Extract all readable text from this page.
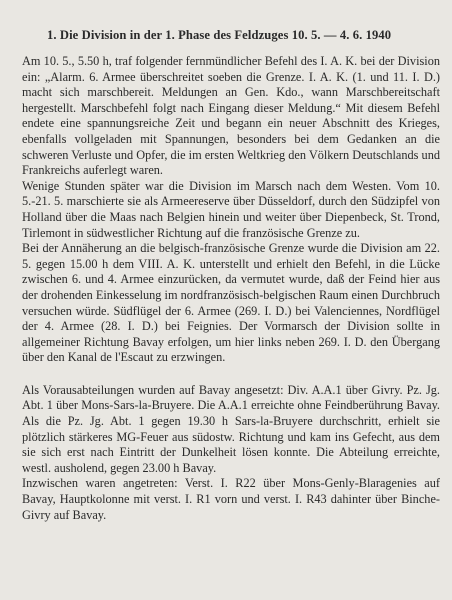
1. Die Division in der 1. Phase des Feldzuges 10. 5. — 4. 6. 1940

Am 10. 5., 5.50 h, traf folgender fernmündlicher Befehl des I. A. K. bei der Division ein: „Alarm. 6. Armee überschreitet soeben die Grenze. I. A. K. (1. und 11. I. D.) macht sich marschbereit. Meldungen an Gen. Kdo., wann Marschbereitschaft hergestellt. Marschbefehl folgt nach Eingang dieser Meldung.“ Mit diesem Befehl endete eine spannungsreiche Zeit und begann ein neuer Abschnitt des Krieges, ebenfalls vollgeladen mit Spannungen, besonders bei dem Gedanken an die schweren Verluste und Opfer, die im ersten Weltkrieg den Völkern Deutschlands und Frankreichs auferlegt waren.

Wenige Stunden später war die Division im Marsch nach dem Westen. Vom 10. 5.-21. 5. marschierte sie als Armeereserve über Düsseldorf, durch den Südzipfel von Holland über die Maas nach Belgien hinein und weiter über Diepenbeck, St. Trond, Tirlemont in südwestlicher Richtung auf die französische Grenze zu.

Bei der Annäherung an die belgisch-französische Grenze wurde die Division am 22. 5. gegen 15.00 h dem VIII. A. K. unterstellt und erhielt den Befehl, in die Lücke zwischen 6. und 4. Armee einzurücken, da vermutet wurde, daß der Feind hier aus der drohenden Einkesselung im nordfranzösisch-belgischen Raum einen Durchbruch versuchen würde. Südflügel der 6. Armee (269. I. D.) bei Valenciennes, Nordflügel der 4. Armee (28. I. D.) bei Feignies. Der Vormarsch der Division sollte in allgemeiner Richtung Bavay erfolgen, um hier links neben 269. I. D. den Übergang über den Kanal de l'Escaut zu erzwingen.

Als Vorausabteilungen wurden auf Bavay angesetzt: Div. A.A.1 über Givry. Pz. Jg. Abt. 1 über Mons-Sars-la-Bruyere. Die A.A.1 erreichte ohne Feindberührung Bavay. Als die Pz. Jg. Abt. 1 gegen 19.30 h Sars-la-Bruyere durchschritt, erhielt sie plötzlich stärkeres MG-Feuer aus südostw. Richtung und kam ins Gefecht, aus dem sie sich erst nach Eintritt der Dunkelheit lösen konnte. Die Abteilung erreichte, westl. ausholend, gegen 23.00 h Bavay.

Inzwischen waren angetreten: Verst. I. R22 über Mons-Genly-Blaragenies auf Bavay, Hauptkolonne mit verst. I. R1 vorn und verst. I. R43 dahinter über Binche-Givry auf Bavay.
